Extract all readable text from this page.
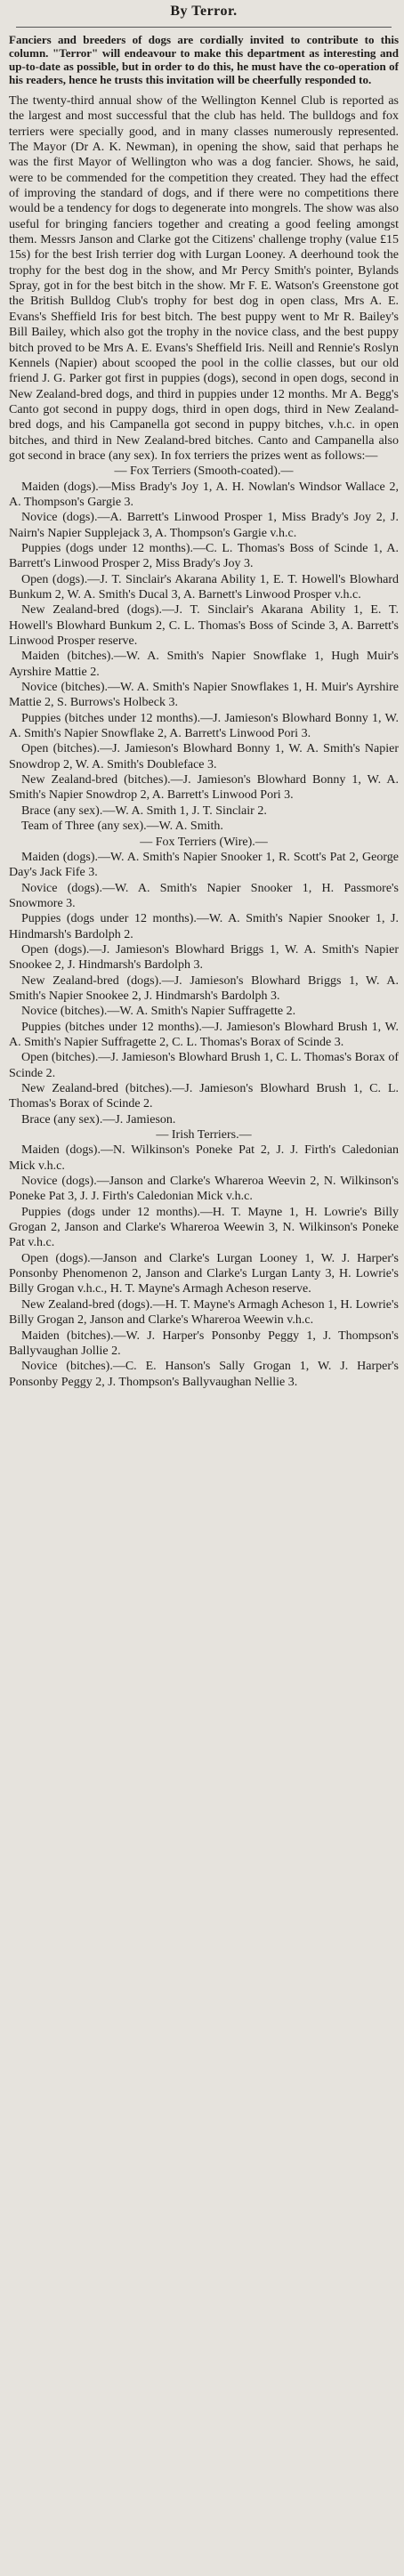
By Terror.

Fanciers and breeders of dogs are cordially invited to contribute to this column. "Terror" will endeavour to make this department as interesting and up-to-date as possible, but in order to do this, he must have the co-operation of his readers, hence he trusts this invitation will be cheerfully responded to.

The twenty-third annual show of the Wellington Kennel Club is reported as the largest and most successful that the club has held. The bulldogs and fox terriers were specially good, and in many classes numerously represented. The Mayor (Dr A. K. Newman), in opening the show, said that perhaps he was the first Mayor of Wellington who was a dog fancier. Shows, he said, were to be commended for the competition they created. They had the effect of improving the standard of dogs, and if there were no competitions there would be a tendency for dogs to degenerate into mongrels. The show was also useful for bringing fanciers together and creating a good feeling amongst them. Messrs Janson and Clarke got the Citizens' challenge trophy (value £15 15s) for the best Irish terrier dog with Lurgan Looney. A deerhound took the trophy for the best dog in the show, and Mr Percy Smith's pointer, Bylands Spray, got in for the best bitch in the show. Mr F. E. Watson's Greenstone got the British Bulldog Club's trophy for best dog in open class, Mrs A. E. Evans's Sheffield Iris for best bitch. The best puppy went to Mr R. Bailey's Bill Bailey, which also got the trophy in the novice class, and the best puppy bitch proved to be Mrs A. E. Evans's Sheffield Iris. Neill and Rennie's Roslyn Kennels (Napier) about scooped the pool in the collie classes, but our old friend J. G. Parker got first in puppies (dogs), second in open dogs, second in New Zealand-bred dogs, and third in puppies under 12 months. Mr A. Begg's Canto got second in puppy dogs, third in open dogs, third in New Zealand-bred dogs, and his Campanella got second in puppy bitches, v.h.c. in open bitches, and third in New Zealand-bred bitches. Canto and Campanella also got second in brace (any sex). In fox terriers the prizes went as follows:—

— Fox Terriers (Smooth-coated).—

Maiden (dogs).—Miss Brady's Joy 1, A. H. Nowlan's Windsor Wallace 2, A. Thompson's Gargie 3.

Novice (dogs).—A. Barrett's Linwood Prosper 1, Miss Brady's Joy 2, J. Nairn's Napier Supplejack 3, A. Thompson's Gargie v.h.c.

Puppies (dogs under 12 months).—C. L. Thomas's Boss of Scinde 1, A. Barrett's Linwood Prosper 2, Miss Brady's Joy 3.

Open (dogs).—J. T. Sinclair's Akarana Ability 1, E. T. Howell's Blowhard Bunkum 2, W. A. Smith's Ducal 3, A. Barnett's Linwood Prosper v.h.c.

New Zealand-bred (dogs).—J. T. Sinclair's Akarana Ability 1, E. T. Howell's Blowhard Bunkum 2, C. L. Thomas's Boss of Scinde 3, A. Barrett's Linwood Prosper reserve.

Maiden (bitches).—W. A. Smith's Napier Snowflake 1, Hugh Muir's Ayrshire Mattie 2.

Novice (bitches).—W. A. Smith's Napier Snowflakes 1, H. Muir's Ayrshire Mattie 2, S. Burrows's Holbeck 3.

Puppies (bitches under 12 months).—J. Jamieson's Blowhard Bonny 1, W. A. Smith's Napier Snowflake 2, A. Barrett's Linwood Pori 3.

Open (bitches).—J. Jamieson's Blowhard Bonny 1, W. A. Smith's Napier Snowdrop 2, W. A. Smith's Doubleface 3.

New Zealand-bred (bitches).—J. Jamieson's Blowhard Bonny 1, W. A. Smith's Napier Snowdrop 2, A. Barrett's Linwood Pori 3.

Brace (any sex).—W. A. Smith 1, J. T. Sinclair 2.

Team of Three (any sex).—W. A. Smith.

— Fox Terriers (Wire).—

Maiden (dogs).—W. A. Smith's Napier Snooker 1, R. Scott's Pat 2, George Day's Jack Fife 3.

Novice (dogs).—W. A. Smith's Napier Snooker 1, H. Passmore's Snowmore 3.

Puppies (dogs under 12 months).—W. A. Smith's Napier Snooker 1, J. Hindmarsh's Bardolph 2.

Open (dogs).—J. Jamieson's Blowhard Briggs 1, W. A. Smith's Napier Snookee 2, J. Hindmarsh's Bardolph 3.

New Zealand-bred (dogs).—J. Jamieson's Blowhard Briggs 1, W. A. Smith's Napier Snookee 2, J. Hindmarsh's Bardolph 3.

Novice (bitches).—W. A. Smith's Napier Suffragette 2.

Puppies (bitches under 12 months).—J. Jamieson's Blowhard Brush 1, W. A. Smith's Napier Suffragette 2, C. L. Thomas's Borax of Scinde 3.

Open (bitches).—J. Jamieson's Blowhard Brush 1, C. L. Thomas's Borax of Scinde 2.

New Zealand-bred (bitches).—J. Jamieson's Blowhard Brush 1, C. L. Thomas's Borax of Scinde 2.

Brace (any sex).—J. Jamieson.

— Irish Terriers.—

Maiden (dogs).—N. Wilkinson's Poneke Pat 2, J. J. Firth's Caledonian Mick v.h.c.

Novice (dogs).—Janson and Clarke's Whareroa Weevin 2, N. Wilkinson's Poneke Pat 3, J. J. Firth's Caledonian Mick v.h.c.

Puppies (dogs under 12 months).—H. T. Mayne 1, H. Lowrie's Billy Grogan 2, Janson and Clarke's Whareroa Weewin 3, N. Wilkinson's Poneke Pat v.h.c.

Open (dogs).—Janson and Clarke's Lurgan Looney 1, W. J. Harper's Ponsonby Phenomenon 2, Janson and Clarke's Lurgan Lanty 3, H. Lowrie's Billy Grogan v.h.c., H. T. Mayne's Armagh Acheson reserve.

New Zealand-bred (dogs).—H. T. Mayne's Armagh Acheson 1, H. Lowrie's Billy Grogan 2, Janson and Clarke's Whareroa Weewin v.h.c.

Maiden (bitches).—W. J. Harper's Ponsonby Peggy 1, J. Thompson's Ballyvaughan Jollie 2.

Novice (bitches).—C. E. Hanson's Sally Grogan 1, W. J. Harper's Ponsonby Peggy 2, J. Thompson's Ballyvaughan Nellie 3.
